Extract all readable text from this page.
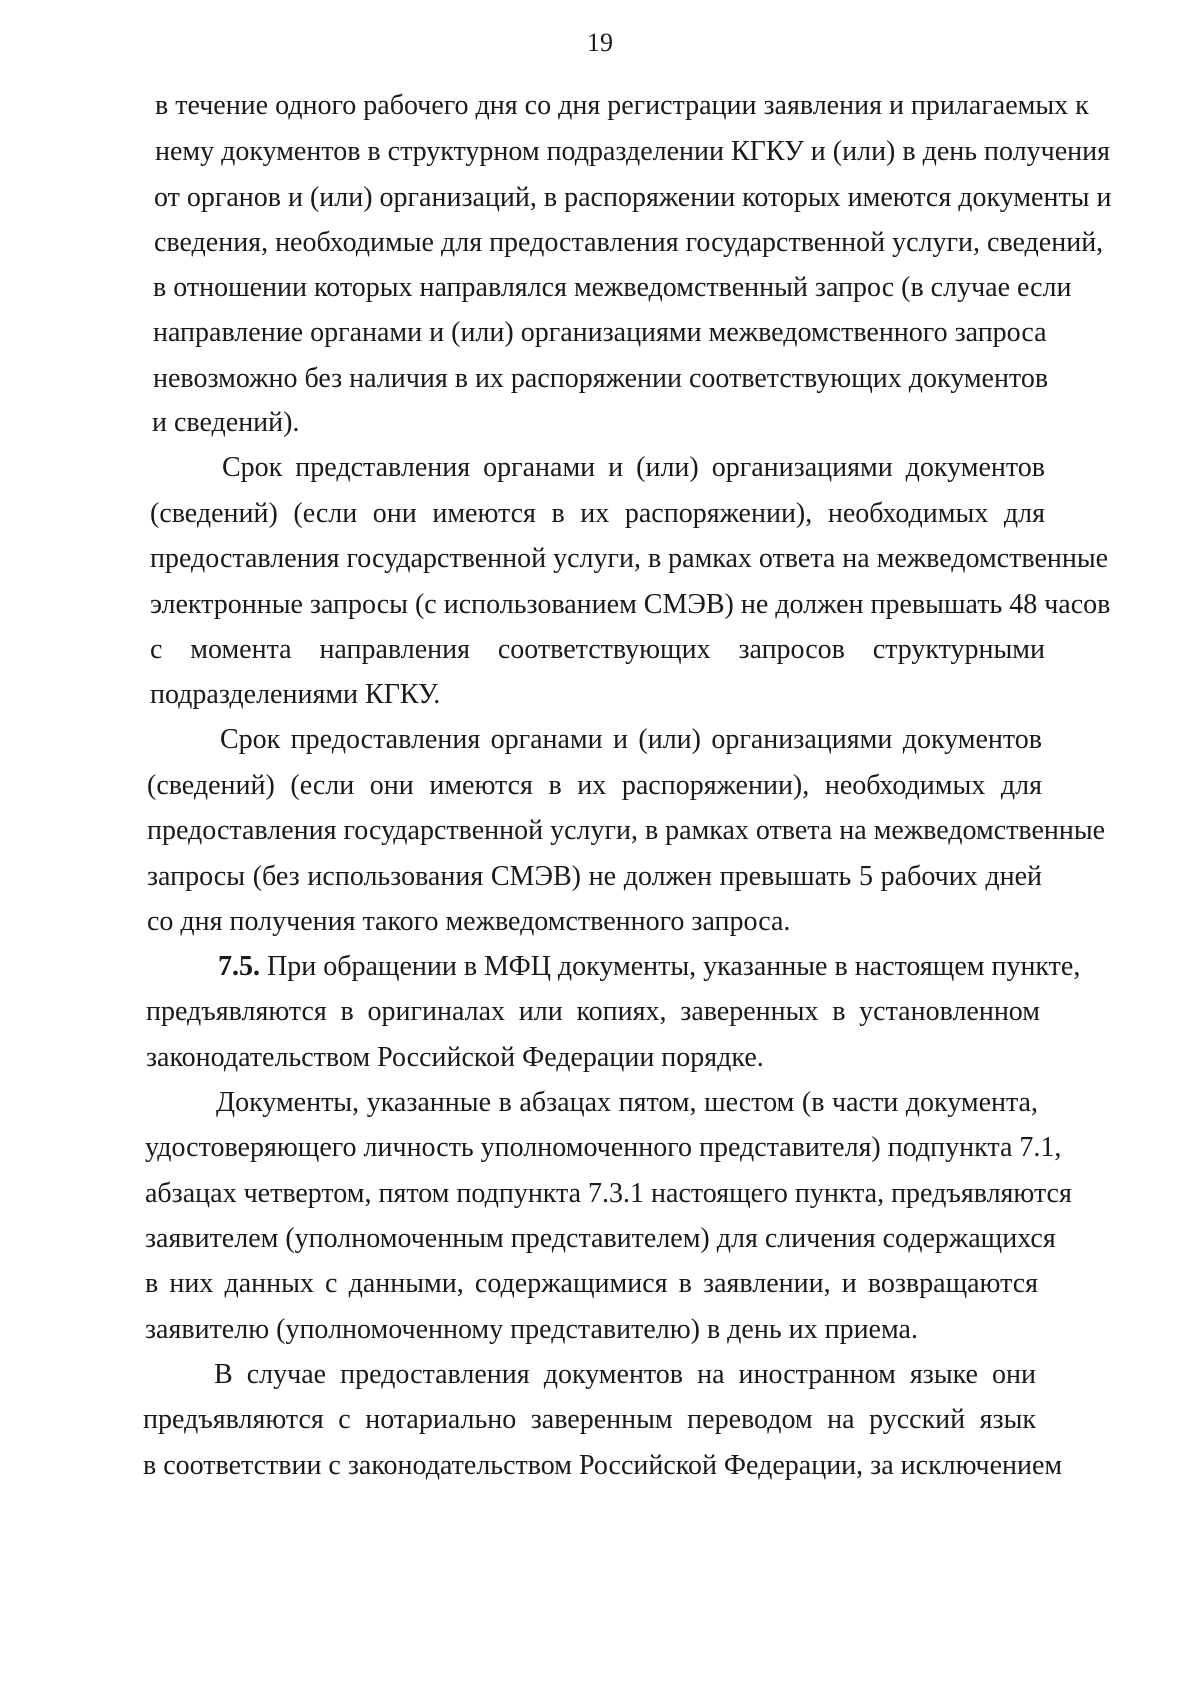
19
в течение одного рабочего дня со дня регистрации заявления и прилагаемых к
нему документов в структурном подразделении КГКУ и (или) в день получения
от органов и (или) организаций, в распоряжении которых имеются документы и
сведения, необходимые для предоставления государственной услуги, сведений,
в отношении которых направлялся межведомственный запрос (в случае если
направление органами и (или) организациями межведомственного запроса
невозможно без наличия в их распоряжении соответствующих документов
и сведений).
Срок представления органами и (или) организациями документов
(сведений) (если они имеются в их распоряжении), необходимых для
предоставления государственной услуги, в рамках ответа на межведомственные
электронные запросы (с использованием СМЭВ) не должен превышать 48 часов
с момента направления соответствующих запросов структурными
подразделениями КГКУ.
Срок предоставления органами и (или) организациями документов
(сведений) (если они имеются в их распоряжении), необходимых для
предоставления государственной услуги, в рамках ответа на межведомственные
запросы (без использования СМЭВ) не должен превышать 5 рабочих дней
со дня получения такого межведомственного запроса.
7.5. При обращении в МФЦ документы, указанные в настоящем пункте,
предъявляются в оригиналах или копиях, заверенных в установленном
законодательством Российской Федерации порядке.
Документы, указанные в абзацах пятом, шестом (в части документа,
удостоверяющего личность уполномоченного представителя) подпункта 7.1,
абзацах четвертом, пятом подпункта 7.3.1 настоящего пункта, предъявляются
заявителем (уполномоченным представителем) для сличения содержащихся
в них данных с данными, содержащимися в заявлении, и возвращаются
заявителю (уполномоченному представителю) в день их приема.
В случае предоставления документов на иностранном языке они
предъявляются с нотариально заверенным переводом на русский язык
в соответствии с законодательством Российской Федерации, за исключением
